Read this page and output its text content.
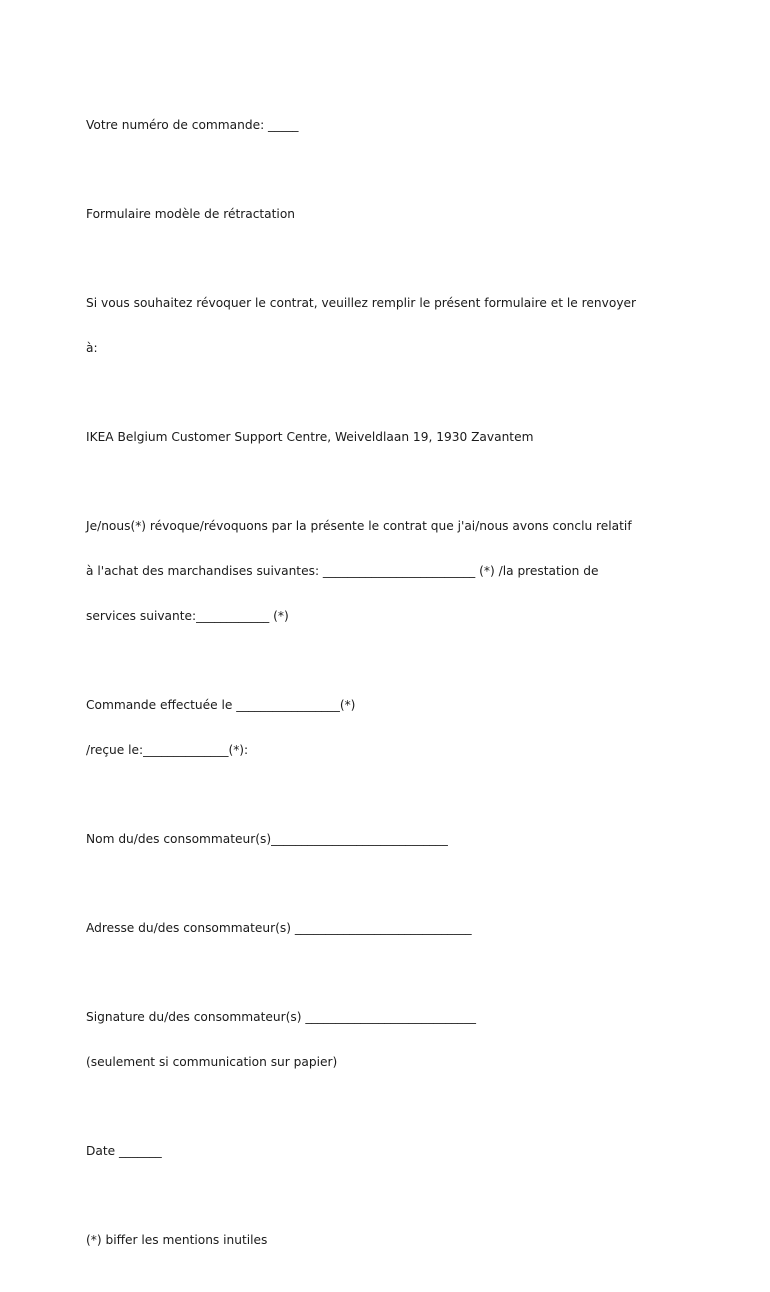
Votre numéro de commande: _____

Formulaire modèle de rétractation

Si vous souhaitez révoquer le contrat, veuillez remplir le présent formulaire et le renvoyer

à:

IKEA Belgium Customer Support Centre, Weiveldlaan 19, 1930 Zavantem

Je/nous(*) révoque/révoquons par la présente le contrat que j'ai/nous avons conclu relatif

à l'achat des marchandises suivantes: _________________________ (*) /la prestation de

services suivante:____________ (*)

Commande effectuée le _________________(*)

/reçue le:______________(*):

Nom du/des consommateur(s)_____________________________

Adresse du/des consommateur(s) _____________________________

Signature du/des consommateur(s) ____________________________

(seulement si communication sur papier)

Date _______

(*) biffer les mentions inutiles
